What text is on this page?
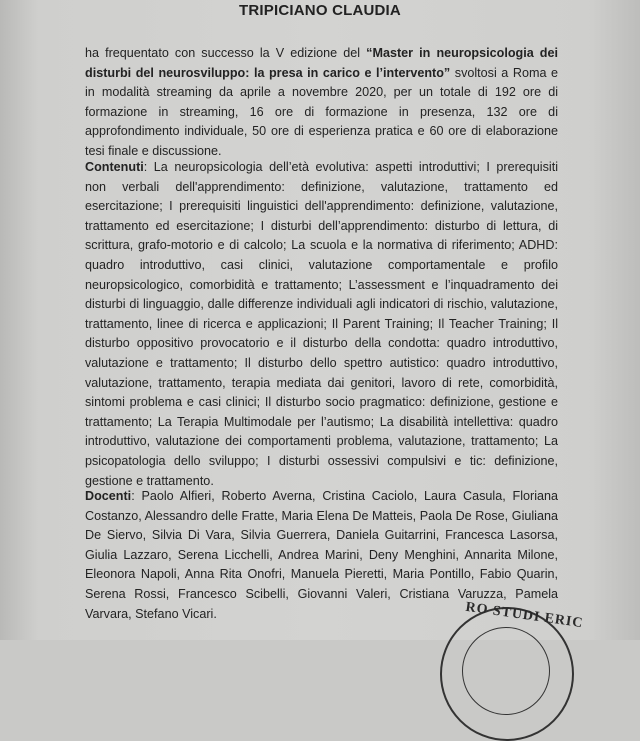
TRIPICIANO CLAUDIA
ha frequentato con successo la V edizione del “Master in neuropsicologia dei disturbi del neurosviluppo: la presa in carico e l’intervento” svoltosi a Roma e in modalità streaming da aprile a novembre 2020, per un totale di 192 ore di formazione in streaming, 16 ore di formazione in presenza, 132 ore di approfondimento individuale, 50 ore di esperienza pratica e 60 ore di elaborazione tesi finale e discussione.
Contenuti: La neuropsicologia dell’età evolutiva: aspetti introduttivi; I prerequisiti non verbali dell'apprendimento: definizione, valutazione, trattamento ed esercitazione; I prerequisiti linguistici dell'apprendimento: definizione, valutazione, trattamento ed esercitazione; I disturbi dell’apprendimento: disturbo di lettura, di scrittura, grafo-motorio e di calcolo; La scuola e la normativa di riferimento; ADHD: quadro introduttivo, casi clinici, valutazione comportamentale e profilo neuropsicologico, comorbidità e trattamento; L’assessment e l’inquadramento dei disturbi di linguaggio, dalle differenze individuali agli indicatori di rischio, valutazione, trattamento, linee di ricerca e applicazioni; Il Parent Training; Il Teacher Training; Il disturbo oppositivo provocatorio e il disturbo della condotta: quadro introduttivo, valutazione e trattamento; Il disturbo dello spettro autistico: quadro introduttivo, valutazione, trattamento, terapia mediata dai genitori, lavoro di rete, comorbidità, sintomi problema e casi clinici; Il disturbo socio pragmatico: definizione, gestione e trattamento; La Terapia Multimodale per l’autismo; La disabilità intellettiva: quadro introduttivo, valutazione dei comportamenti problema, valutazione, trattamento; La psicopatologia dello sviluppo; I disturbi ossessivi compulsivi e tic: definizione, gestione e trattamento.
Docenti: Paolo Alfieri, Roberto Averna, Cristina Caciolo, Laura Casula, Floriana Costanzo, Alessandro delle Fratte, Maria Elena De Matteis, Paola De Rose, Giuliana De Siervo, Silvia Di Vara, Silvia Guerrera, Daniela Guitarrini, Francesca Lasorsa, Giulia Lazzaro, Serena Licchelli, Andrea Marini, Deny Menghini, Annarita Milone, Eleonora Napoli, Anna Rita Onofri, Manuela Pieretti, Maria Pontillo, Fabio Quarin, Serena Rossi, Francesco Scibelli, Giovanni Valeri, Cristiana Varuzza, Pamela Varvara, Stefano Vicari.	RO STUDI ERIC
